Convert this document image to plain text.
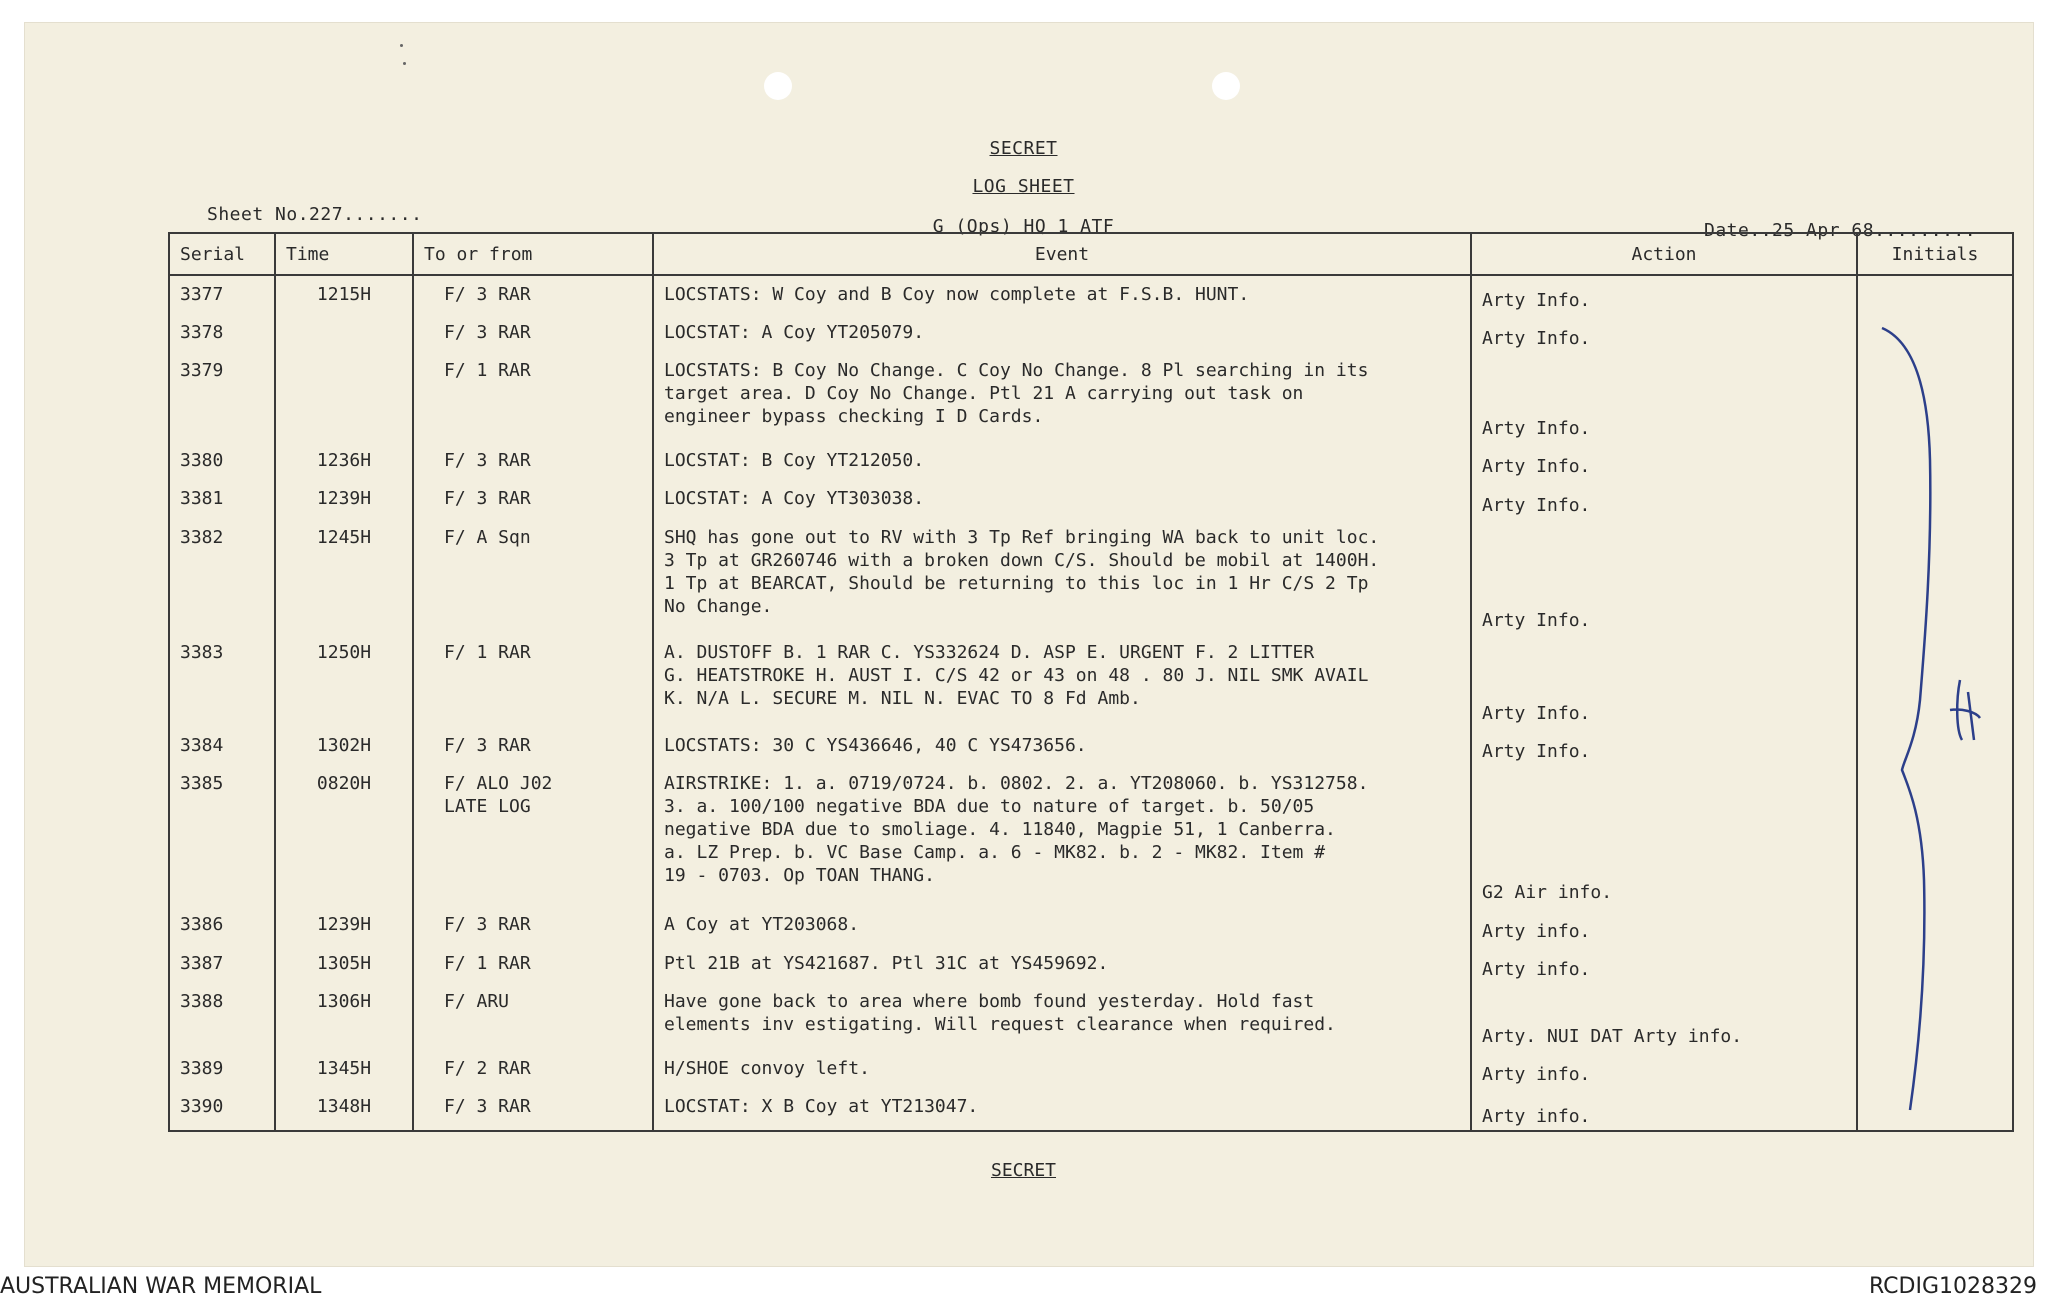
SECRET
LOG SHEET
G (Ops) HQ 1 ATF
Sheet No.227.......
Date..25 Apr 68.........
Serial	Time	To or from	Event	Action	Initials
3377	1215H	F/ 3 RAR	LOCSTATS: W Coy and B Coy now complete at F.S.B. HUNT.	Arty Info.	
3378		F/ 3 RAR	LOCSTAT: A Coy YT205079.	Arty Info.	
3379		F/ 1 RAR	LOCSTATS: B Coy No Change. C Coy No Change. 8 Pl searching in its
target area. D Coy No Change. Ptl 21 A carrying out task on
engineer bypass checking I D Cards.	Arty Info.	
3380	1236H	F/ 3 RAR	LOCSTAT: B Coy YT212050.	Arty Info.	
3381	1239H	F/ 3 RAR	LOCSTAT: A Coy YT303038.	Arty Info.	
3382	1245H	F/ A Sqn	SHQ has gone out to RV with 3 Tp Ref bringing WA back to unit loc.
3 Tp at GR260746 with a broken down C/S. Should be mobil at 1400H.
1 Tp at BEARCAT, Should be returning to this loc in 1 Hr C/S 2 Tp
No Change.	Arty Info.	
3383	1250H	F/ 1 RAR	A. DUSTOFF B. 1 RAR C. YS332624 D. ASP E. URGENT F. 2 LITTER
G. HEATSTROKE H. AUST I. C/S 42 or 43 on 48 . 80 J. NIL SMK AVAIL
K. N/A L. SECURE M. NIL N. EVAC TO 8 Fd Amb.	Arty Info.	
3384	1302H	F/ 3 RAR	LOCSTATS: 30 C YS436646, 40 C YS473656.	Arty Info.	
3385	0820H	F/ ALO J02
LATE LOG	AIRSTRIKE: 1. a. 0719/0724. b. 0802. 2. a. YT208060. b. YS312758.
3. a. 100/100 negative BDA due to nature of target. b. 50/05
negative BDA due to smoliage. 4. 11840, Magpie 51, 1 Canberra.
a. LZ Prep. b. VC Base Camp. a. 6 - MK82. b. 2 - MK82. Item #
19 - 0703. Op TOAN THANG.	G2 Air info.	
3386	1239H	F/ 3 RAR	A Coy at YT203068.	Arty info.	
3387	1305H	F/ 1 RAR	Ptl 21B at YS421687. Ptl 31C at YS459692.	Arty info.	
3388	1306H	F/ ARU	Have gone back to area where bomb found yesterday. Hold fast
elements inv estigating. Will request clearance when required.	Arty. NUI DAT Arty info.	
3389	1345H	F/ 2 RAR	H/SHOE convoy left.	Arty info.	
3390	1348H	F/ 3 RAR	LOCSTAT: X B Coy at YT213047.	Arty info.	
SECRET
AUSTRALIAN WAR MEMORIAL	RCDIG1028329
